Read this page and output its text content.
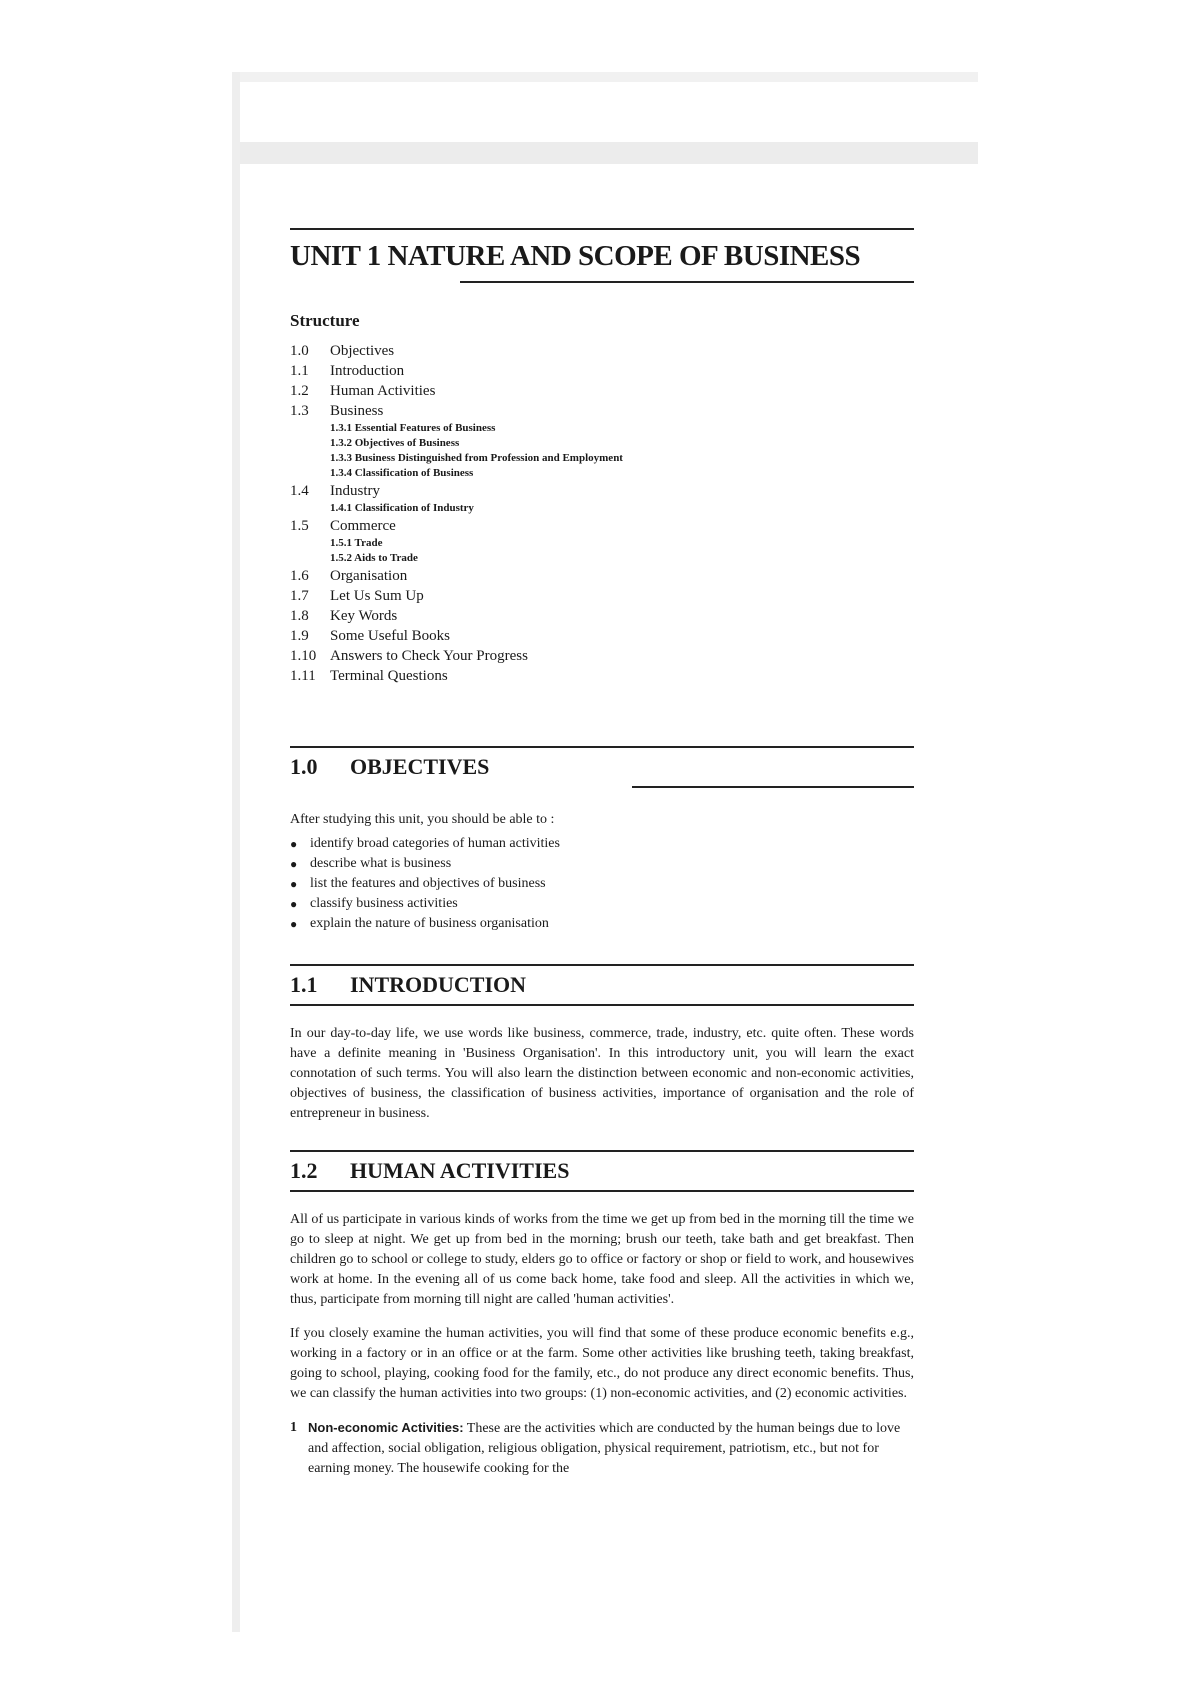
UNIT 1 NATURE AND SCOPE OF BUSINESS
Structure
1.0	Objectives
1.1	Introduction
1.2	Human Activities
1.3	Business
1.3.1 Essential Features of Business
1.3.2 Objectives of Business
1.3.3 Business Distinguished from Profession and Employment
1.3.4 Classification of Business
1.4	Industry
1.4.1 Classification of Industry
1.5	Commerce
1.5.1 Trade
1.5.2 Aids to Trade
1.6	Organisation
1.7	Let Us Sum Up
1.8	Key Words
1.9	Some Useful Books
1.10 Answers to Check Your Progress
1.11 Terminal Questions
1.0	OBJECTIVES

After studying this unit, you should be able to :

● identify broad categories of human activities
● describe what is business
● list the features and objectives of business
● classify business activities
● explain the nature of business organisation
1.1	INTRODUCTION

In our day-to-day life, we use words like business, commerce, trade, industry, etc. quite often. These words have a definite meaning in 'Business Organisation'. In this introductory unit, you will learn the exact connotation of such terms. You will also learn the distinction between economic and non-economic activities, objectives of business, the classification of business activities, importance of organisation and the role of entrepreneur in business.

1.2	HUMAN ACTIVITIES

All of us participate in various kinds of works from the time we get up from bed in the morning till the time we go to sleep at night. We get up from bed in the morning; brush our teeth, take bath and get breakfast. Then children go to school or college to study, elders go to office or factory or shop or field to work, and housewives work at home. In the evening all of us come back home, take food and sleep. All the activities in which we, thus, participate from morning till night are called 'human activities'.

If you closely examine the human activities, you will find that some of these produce economic benefits e.g., working in a factory or in an office or at the farm. Some other activities like brushing teeth, taking breakfast, going to school, playing, cooking food for the family, etc., do not produce any direct economic benefits. Thus, we can classify the human activities into two groups: (1) non-economic activities, and (2) economic activities.

1 Non-economic Activities: These are the activities which are conducted by the human beings due to love and affection, social obligation, religious obligation, physical requirement, patriotism, etc., but not for earning money. The housewife cooking for the
